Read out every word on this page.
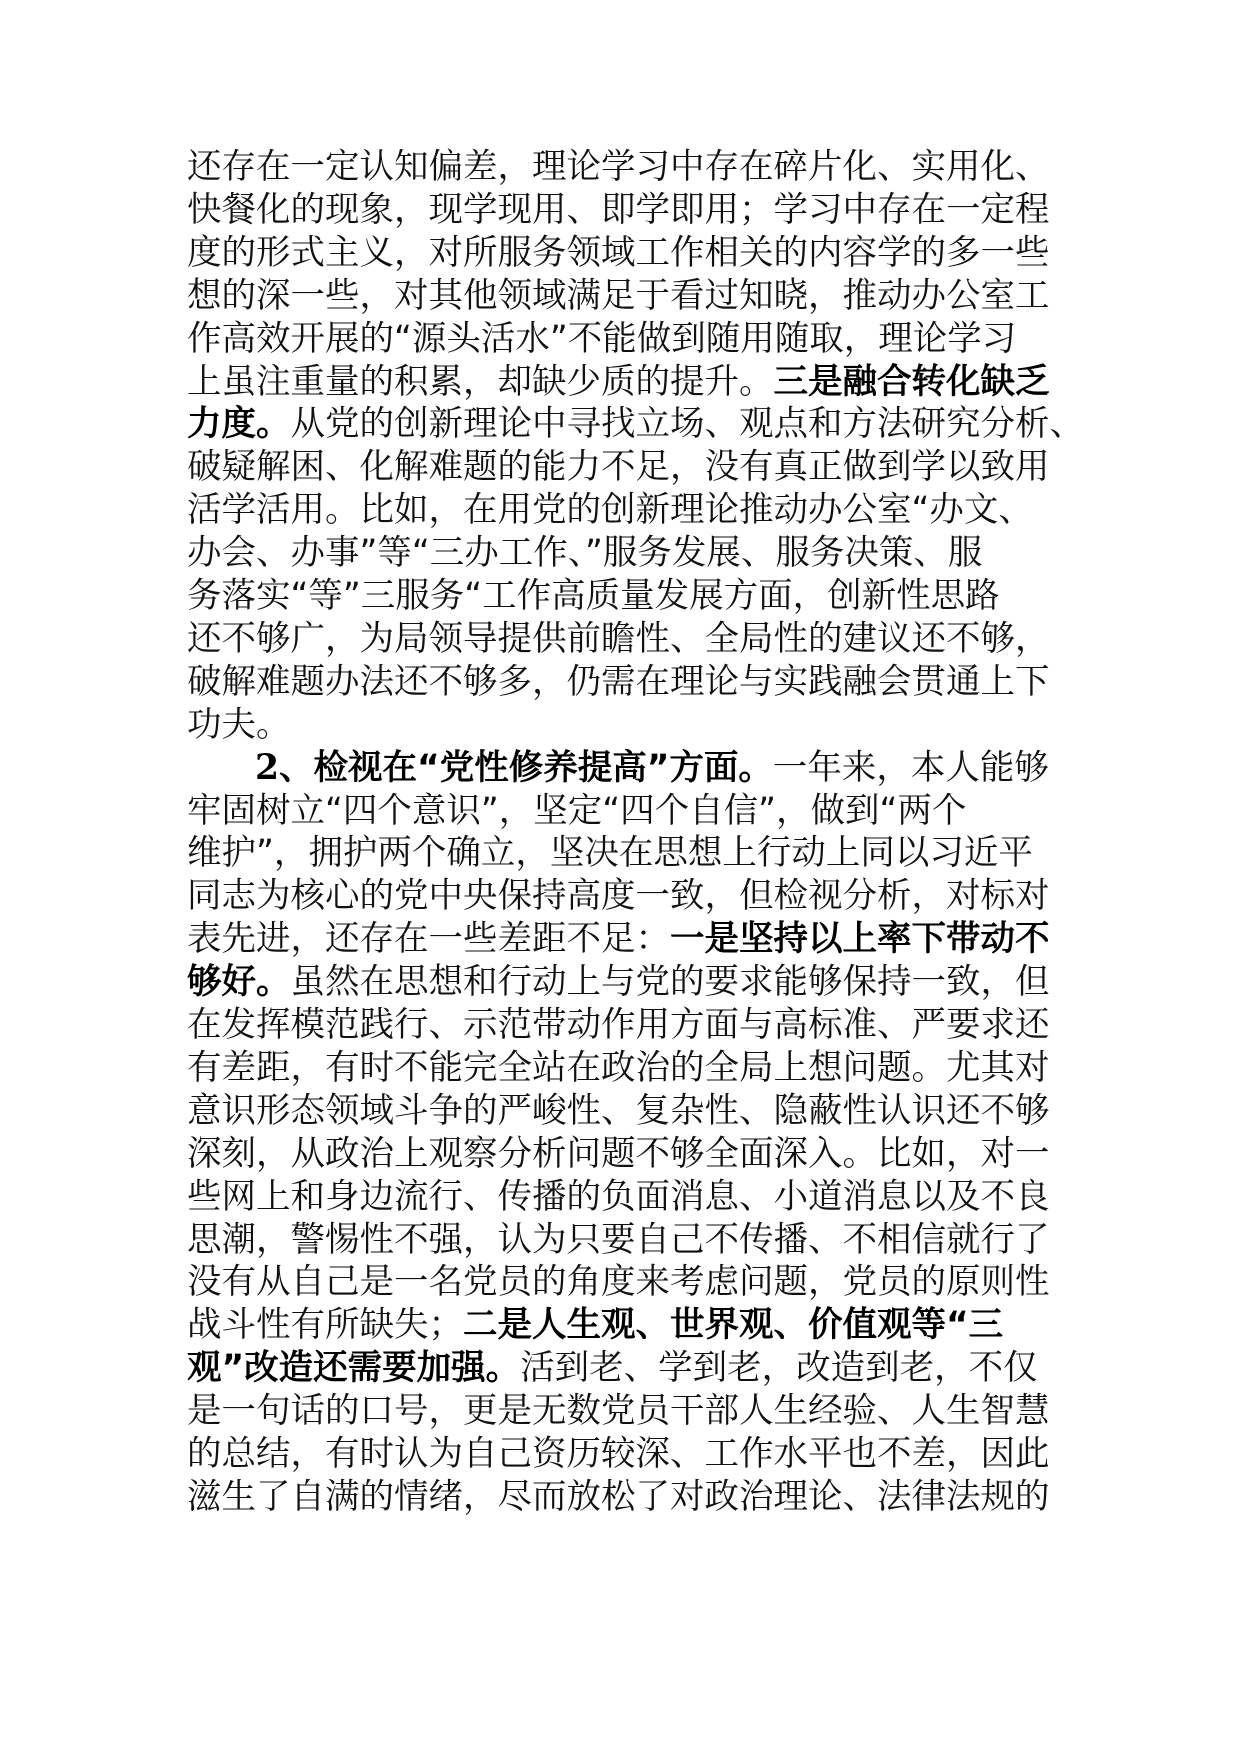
还存在一定认知偏差，理论学习中存在碎片化、实用化、
快餐化的现象，现学现用、即学即用；学习中存在一定程
度的形式主义，对所服务领域工作相关的内容学的多一些
想的深一些，对其他领域满足于看过知晓，推动办公室工
作高效开展的“源头活水”不能做到随用随取，理论学习
上虽注重量的积累，却缺少质的提升。三是融合转化缺乏
力度。从党的创新理论中寻找立场、观点和方法研究分析、
破疑解困、化解难题的能力不足，没有真正做到学以致用
活学活用。比如，在用党的创新理论推动办公室“办文、
办会、办事”等“三办工作、”服务发展、服务决策、服
务落实“等”三服务“工作高质量发展方面，创新性思路
还不够广，为局领导提供前瞻性、全局性的建议还不够，
破解难题办法还不够多，仍需在理论与实践融会贯通上下
功夫。
2、检视在“党性修养提高”方面。一年来，本人能够
牢固树立“四个意识”，坚定“四个自信”，做到“两个
维护”，拥护两个确立，坚决在思想上行动上同以习近平
同志为核心的党中央保持高度一致，但检视分析，对标对
表先进，还存在一些差距不足：一是坚持以上率下带动不
够好。虽然在思想和行动上与党的要求能够保持一致，但
在发挥模范践行、示范带动作用方面与高标准、严要求还
有差距，有时不能完全站在政治的全局上想问题。尤其对
意识形态领域斗争的严峻性、复杂性、隐蔽性认识还不够
深刻，从政治上观察分析问题不够全面深入。比如，对一
些网上和身边流行、传播的负面消息、小道消息以及不良
思潮，警惕性不强，认为只要自己不传播、不相信就行了
没有从自己是一名党员的角度来考虑问题，党员的原则性
战斗性有所缺失；二是人生观、世界观、价值观等“三
观”改造还需要加强。活到老、学到老，改造到老，不仅
是一句话的口号，更是无数党员干部人生经验、人生智慧
的总结，有时认为自己资历较深、工作水平也不差，因此
滋生了自满的情绪，尽而放松了对政治理论、法律法规的
